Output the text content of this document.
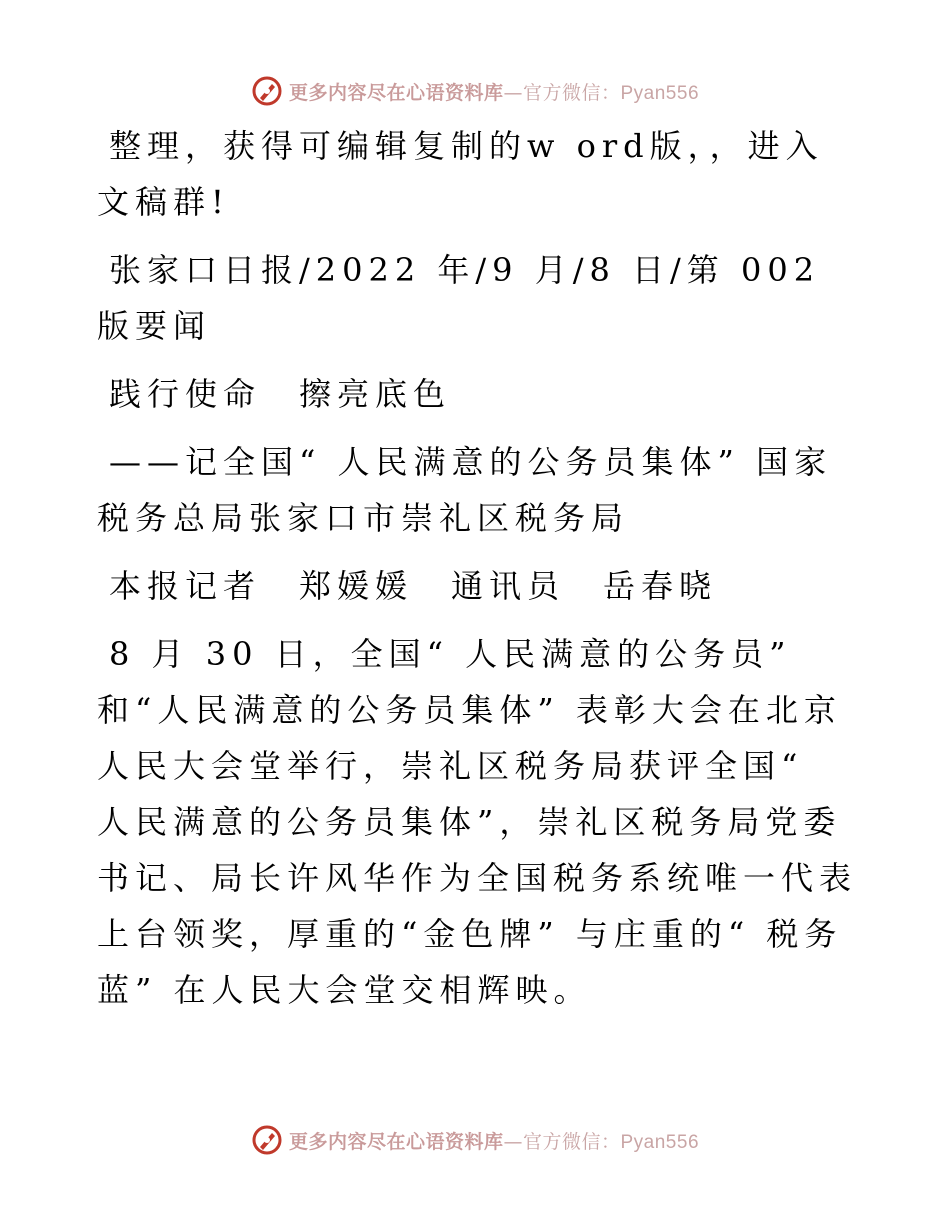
更多内容尽在心语资料库—官方微信：Pyan556

整理，获得可编辑复制的w ord版，，进入文稿群!

张家口日报/2022 年/9 月/8 日/第 002 版要闻

践行使命　擦亮底色

——记全国“ 人民满意的公务员集体” 国家税务总局张家口市崇礼区税务局

本报记者　郑媛媛　通讯员　岳春晓

8 月 30 日，全国“ 人民满意的公务员” 和“人民满意的公务员集体” 表彰大会在北京人民大会堂举行，崇礼区税务局获评全国“ 人民满意的公务员集体”，崇礼区税务局党委书记、局长许风华作为全国税务系统唯一代表上台领奖，厚重的“金色牌” 与庄重的“ 税务蓝” 在人民大会堂交相辉映。

更多内容尽在心语资料库—官方微信：Pyan556
